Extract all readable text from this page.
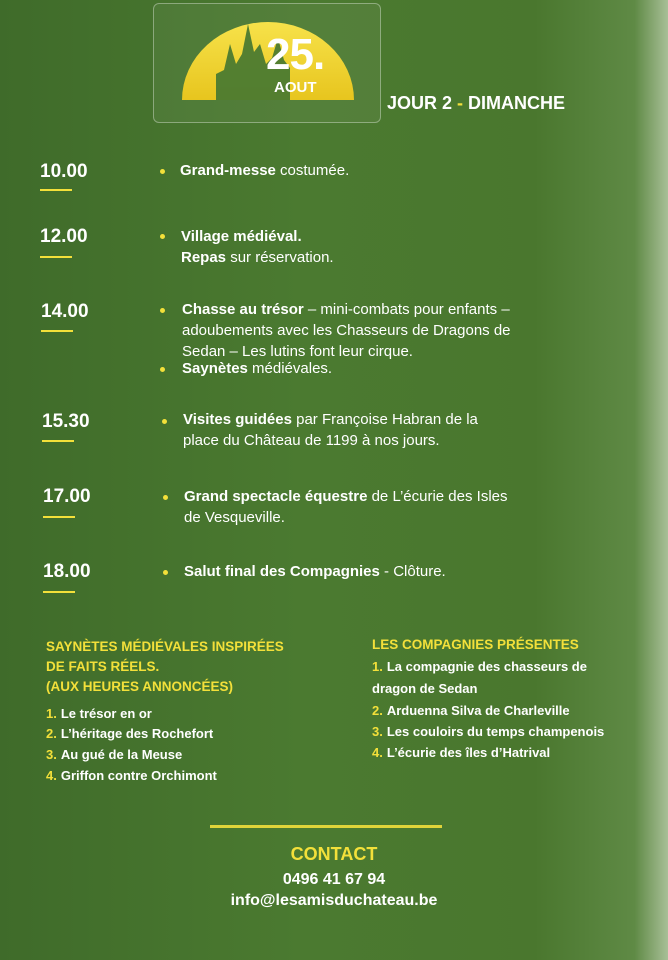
25.
AOUT
JOUR 2 - DIMANCHE
10.00	Grand-messe costumée.
12.00	Village médiéval.
Repas sur réservation.
14.00	Chasse au trésor – mini-combats pour enfants –
adoubements avec les Chasseurs de Dragons de
Sedan – Les lutins font leur cirque.
Saynètes médiévales.
15.30	Visites guidées par Françoise Habran de la
place du Château de 1199 à nos jours.
17.00	Grand spectacle équestre de L’écurie des Isles
de Vesqueville.
18.00	Salut final des Compagnies - Clôture.
SAYNÈTES MÉDIÉVALES INSPIRÉES
DE FAITS RÉELS.
(AUX HEURES ANNONCÉES)
1. Le trésor en or
2. L’héritage des Rochefort
3. Au gué de la Meuse
4. Griffon contre Orchimont
LES COMPAGNIES PRÉSENTES
1. La compagnie des chasseurs de
dragon de Sedan
2. Arduenna Silva de Charleville
3. Les couloirs du temps champenois
4. L’écurie des îles d’Hatrival
CONTACT
0496 41 67 94
info@lesamisduchateau.be
